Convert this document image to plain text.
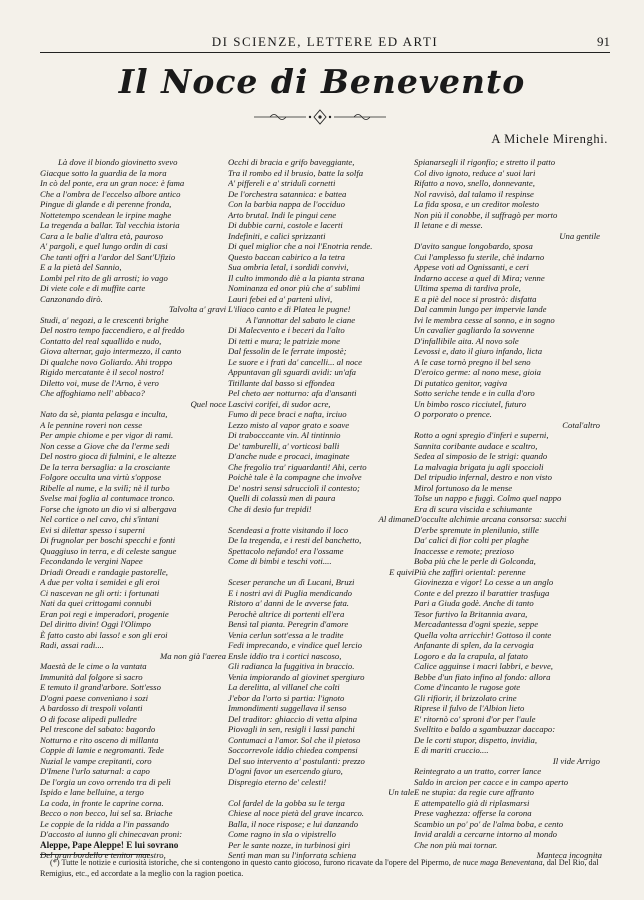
DI SCIENZE, LETTERE ED ARTI	91
Il Noce di Benevento
A Michele Mirenghi.
Là dove il biondo giovinetto svevo
Giacque sotto la guardia de la mora
In cò del ponte, era un gran noce: è fama
Che a l'ombra de l'eccelso albore antico
Pingue di glande e di perenne fronda,
Nottetempo scendean le irpine maghe
La tregenda a ballar. Tal vecchia istoria
Cara a le balie d'altra età, pauroso
A' pargoli, e quel lungo ordin di casi
Che tanti offri a l'ardor del Sant'Ufizio
E a la pietà del Sannio,
Lombi pel rito de gli arrosti; io vago
Di viete cole e di muffite carte
Canzonando dirò.
Talvolta a' gravi
Studi, a' negozi, a le crescenti brighe
Del nostro tempo faccendiero, e al freddo
Contatto del real squallido e nudo,
Giova alternar, gajo intermezzo, il canto
Di qualche novo Goliardo. Ahi troppo
Rigido mercatante è il secol nostro!
Diletto voi, muse de l'Arno, è vero
Che affoghiamo nell' abbaco?
Quel noce
Nato da sè, pianta pelasga e inculta,
A le pennine roveri non cesse
Per ampie chiome e per vigor di rami.
Non cesse a Giove che da l'erme sedi
Del nostro gioca di fulmini, e le altezze
De la terra bersaglia: a la crosciante
Folgore occulta una virtù s'oppose
Ribelle al nume, e la svilì; nè il turbo
Svelse mai foglia al contumace tronco.
Forse che ignoto un dio vi si albergava
Nel cortice o nel cavo, chi s'ìntani
Evi si dilettar spesso i superni
Di frugnolar per boschi specchi e fonti
Quaggiuso in terra, e di celeste sangue
Fecondando le vergini Napee
Driadi Oreadi e randagie pastorelle,
A due per volta i semidei e gli eroi
Ci nascevan ne gli orti: i fortunati
Nati da quei crittogami connubi
Eran poi regi e imperadori, progenie
Del diritto divin! Oggi l'Olimpo
È fatto casto abi lasso! e son gli eroi
Radi, assai radi....
Ma non già l'aerea
Maestà de le cime o la vantata
Immunità dal folgore sì sacro
E temuto il grand'arbore. Sott'esso
D'ogni paese convenìano i sozi
A bardosso di trespoli volanti
O di focose alipedi pulledre
Pel tresconе del sabato: bagordo
Notturno e rito osceno di millanta
Coppie di lamie e negromanti. Tede
Nuzial le vampe crepitanti, coro
D'Imene l'urlo saturnal: a capo
De l'orgia un covo orrendo tra di pelì
Ispido e lane belluine, a tergo
La coda, in fronte le caprine corna.
Becco o non becco, lui sel sa. Briache
Le coppie de la ridda a l'in passando
D'accosto al iunno gli chinecavan proni:
Aleppe, Pape Aleppe! E lui sovrano
Del gran bordello e tenitor maestro,
Occhi di bracia e grifo baveggiante,
Tra il rombo ed il brusio, batte la solfa
A' piffereli e a' stridulì cornetti
De l'orchestra satannica: e battea
Con la barbia nappa de l'occiduo
Arto brutal. Indi le pingui cene
Di dubbie carni, costole e lacerti
Indefiniti, e calici sprizzanti
Di quel miglior che a noi l'Enotria rende.
Questo baccan cabirico a la tetra
Sua ombria letal, i sordidi convivi,
Il culto immondo diè a la pianta strana
Nominanza ed onor più che a' sublimi
Lauri febei ed a' partenì ulivi,
L'iliaco canto e di Platea le pugne!
A l'annottar del sabato le ciane
Di Malecvento e i beceri da l'alto
Di tetti e mura; le patrizie mone
Dal fessolin de le ferrate impostè;
Le suore e i frati da' cancelli... al noce
Appuntavan gli sguardi avidi: un'afa
Titillante dal basso si effondea
Pel cheto aer notturno: afa d'ansanti
Lascivi corifei, di sudor acre,
Fumo di pece braci e nafta, irciuo
Lezzo misto al vapor grato e soave
Di trabocccante vin. Al tintinnio
De' tamburelli, a' vorticosi balli
D'anche nude e procaci, imaginate
Che fregolio tra' riguardanti! Ahi, certo
Poichè tale è la compagne che involve
De' nostri sensi sdrucciolì il contesto;
Quelli di colassù men di paura
Che di desio fur trepidi!
Al dimane
Scendeasi a frotte visitando il loco
De la tregenda, e i resti del banchetto,
Spettacolo nefando! era l'ossame
Come di bimbi e teschi voti....
E quivi
Sceser peranche un dì Lucani, Bruzi
E i nostri avi di Puglia mendicando
Ristoro a' danni de le avverse fata.
Perochè altrice di portenti ell'era
Bensì tal pianta. Peregrin d'amore
Venia cerlun sott'essa a le tradite
Fedi imprecando, e vindice quel lercio
Ensle iddio tra i cortici nascoso,
Gli radianca la fuggitiva in braccio.
Venia impiorando al giovinet spergiuro
La derelitta, al villanel che colti
J'ebor da l'orto si partia: l'ignoto
Immondimenti suggellava il senso
Del traditor: ghiaccio di vetta alpina
Piovagli in sen, resigli i lassi panchi
Contumaci a l'amor. Sol che il pietoso
Soccorrevole iddio chiedea compensi
Del suo intervento a' postulanti: prezzo
D'ogni favor un esercendo giuro,
Dispregio eterno de' celesti!
Un tale
Col fardel de la gobba su le terga
Chiese al noce pietà del grave incarco.
Balla, il noce rispose; e lui danzando
Come ragno in sla o vipistrello
Per le sante nozze, in turbinosi giri
Sentì man man su l'inforrata schiena
Spianarsegli il rigonfio; e stretto il patto
Col divo ignoto, reduce a' suoi lari
Rifatto a novo, snello, donnevante,
Nol ravvisò, dal talamo il respinse
La fida sposa, e un creditor molesto
Non più il conobbe, il suffragò per morto
Il letane e di messe.
Una gentile
D'avito sangue longobardo, sposa
Cui l'amplesso fu sterile, chè indarno
Appese voti ad Ognissanti, e ceri
Indarno accese a quel di Mira; venne
Ultima spema di tardiva prole,
E a piè del noce si prostrò: disfatta
Dal cammin lungo per impervie lande
Ivi le membra cesse al sonno, e in sogno
Un cavalier gagliardo la sovvenne
D'infallibile aita. Al novo sole
Levossi e, dato il giuro infando, licta
A le case tornò pregno il bel seno
D'eroico germe: al nono mese, gioia
Di putatico genitor, vagiva
Sotto seriche tende e in culla d'oro
Un bimbo rosco ricciutel, futuro
O porporato o prence.
Cotal'altro
Rotto a ogni spregio d'inferi e superni,
Sannita coribante audace e scaltro,
Sedea al simposio de le strigi: quando
La malvagia brigata ju agli spoccioli
Del tripudio infernal, destro e non visto
Mirol fortunoso da le mense
Tolse un nappo e fuggì. Colmo quel nappo
Era di scura viscida e schiumante
D'occulte alchimie arcana consorsa: succhi
D'erbe spremute in plenilunio, stille
Da' calici di fior colti per plaghe
Inaccesse e remote; prezioso
Boba più che le perle di Golconda,
Più che zaffiri oriental: perenne
Giovinezza e vigor! Lo cesse a un anglo
Conte e del prezzo il barattier trasfuga
Pari a Giuda godè. Anche di tanto
Tesor furtivo la Britannia avara,
Mercadantessa d'ogni spezie, seppe
Quella volta arricchir! Gottoso il conte
Anfanante di splen, da la cervogia
Logoro e da la crapula, al fatato
Calice agguinse i macri labbri, e bevve,
Bebbe d'un fiato infino al fondo: allora
Come d'incanto le rugose gote
Gli rifiorir, il brizzolato crine
Riprese il fulvo de l'Albion lieto
E' ritornò co' sproni d'or per l'aule
Svelltito e baldo a sgambuzzar daccapo:
De le corti stupor, dispetto, invidia,
E di mariti cruccio....
Il vide Arrigo
Reintegrato a un tratto, correr lance
Saldo in arcion per cacce e in campo aperto
E ne stupìa: da regie cure affranto
E attempatello già di riplasmarsi
Prese vaghezza: offerse la corona
Scambio un po' po' de l'alma boba, e cento
Invid araldi a cercarne intorno al mondo
Che non più mai tornar.
Manteca incognita
(*) Tutte le notizie e curiosità istoriche, che si contengono in questo canto giocoso, furono ricavate da l'opere del Pipermo, de nuce maga Beneventana, dal Del Rio, dal Remigius, etc., ed accordate a la meglio con la ragion poetica.
